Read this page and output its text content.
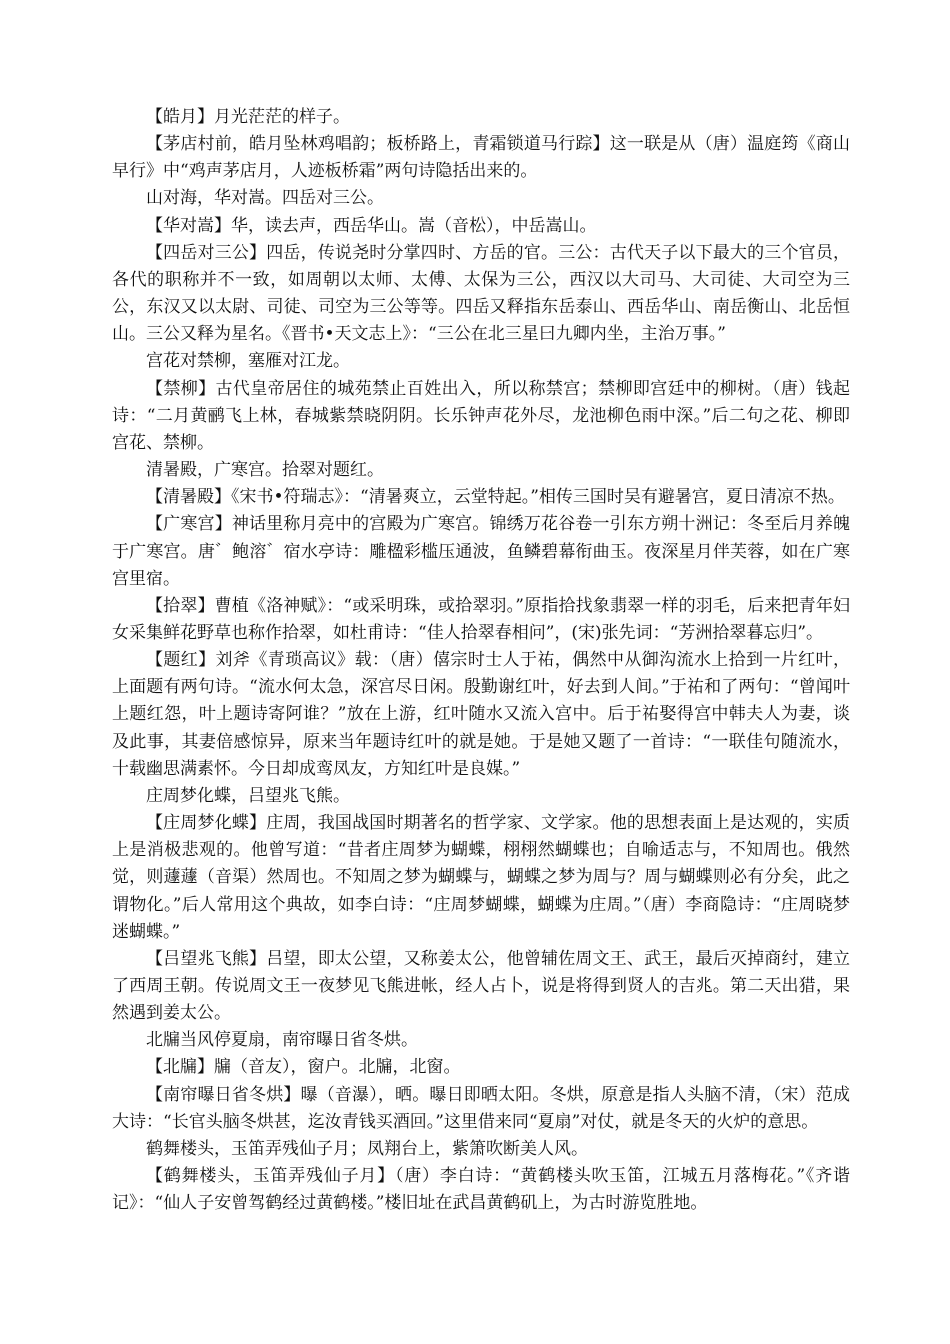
【皓月】月光茫茫的样子。

【茅店村前，皓月坠林鸡唱韵；板桥路上，青霜锁道马行踪】这一联是从（唐）温庭筠《商山早行》中“鸡声茅店月，人迹板桥霜”两句诗隐括出来的。

山对海，华对嵩。四岳对三公。

【华对嵩】华，读去声，西岳华山。嵩（音松），中岳嵩山。

【四岳对三公】四岳，传说尧时分掌四时、方岳的官。三公：古代天子以下最大的三个官员，各代的职称并不一致，如周朝以太师、太傅、太保为三公，西汉以大司马、大司徒、大司空为三公，东汉又以太尉、司徒、司空为三公等等。四岳又释指东岳泰山、西岳华山、南岳衡山、北岳恒山。三公又释为星名。《晋书•天文志上》：“三公在北三星曰九卿内坐，主治万事。”

宫花对禁柳，塞雁对江龙。

【禁柳】古代皇帝居住的城苑禁止百姓出入，所以称禁宫；禁柳即宫廷中的柳树。（唐）钱起诗：“二月黄鹂飞上林，春城紫禁晓阴阴。长乐钟声花外尽，龙池柳色雨中深。”后二句之花、柳即宫花、禁柳。

清暑殿，广寒宫。拾翠对题红。

【清暑殿】《宋书•符瑞志》：“清暑爽立，云堂特起。”相传三国时吴有避暑宫，夏日清凉不热。

【广寒宫】神话里称月亮中的宫殿为广寒宫。锦绣万花谷卷一引东方朔十洲记：冬至后月养魄于广寒宫。唐゛鲍溶゛宿水亭诗：雕楹彩槛压通波，鱼鳞碧幕衔曲玉。夜深星月伴芙蓉，如在广寒宫里宿。

【拾翠】曹植《洛神赋》：“或采明珠，或拾翠羽。”原指拾找象翡翠一样的羽毛，后来把青年妇女采集鲜花野草也称作拾翠，如杜甫诗：“佳人拾翠春相问”，(宋)张先词：“芳洲拾翠暮忘归”。

【题红】刘斧《青琐高议》载：（唐）僖宗时士人于祐，偶然中从御沟流水上拾到一片红叶，上面题有两句诗。“流水何太急，深宫尽日闲。殷勤谢红叶，好去到人间。”于祐和了两句：“曾闻叶上题红怨，叶上题诗寄阿谁？”放在上游，红叶随水又流入宫中。后于祐娶得宫中韩夫人为妻，谈及此事，其妻倍感惊异，原来当年题诗红叶的就是她。于是她又题了一首诗：“一联佳句随流水，十载幽思满素怀。今日却成鸾凤友，方知红叶是良媒。”

庄周梦化蝶，吕望兆飞熊。

【庄周梦化蝶】庄周，我国战国时期著名的哲学家、文学家。他的思想表面上是达观的，实质上是消极悲观的。他曾写道：“昔者庄周梦为蝴蝶，栩栩然蝴蝶也；自喻适志与，不知周也。俄然觉，则蘧蘧（音渠）然周也。不知周之梦为蝴蝶与，蝴蝶之梦为周与？周与蝴蝶则必有分矣，此之谓物化。”后人常用这个典故，如李白诗：“庄周梦蝴蝶，蝴蝶为庄周。”（唐）李商隐诗：“庄周晓梦迷蝴蝶。”

【吕望兆飞熊】吕望，即太公望，又称姜太公，他曾辅佐周文王、武王，最后灭掉商纣，建立了西周王朝。传说周文王一夜梦见飞熊进帐，经人占卜，说是将得到贤人的吉兆。第二天出猎，果然遇到姜太公。

北牖当风停夏扇，南帘曝日省冬烘。

【北牖】牖（音友），窗户。北牖，北窗。

【南帘曝日省冬烘】曝（音瀑），晒。曝日即晒太阳。冬烘，原意是指人头脑不清，（宋）范成大诗：“长官头脑冬烘甚，迄汝青钱买酒回。”这里借来同“夏扇”对仗，就是冬天的火炉的意思。

鹤舞楼头，玉笛弄残仙子月；凤翔台上，紫箫吹断美人风。

【鹤舞楼头，玉笛弄残仙子月】（唐）李白诗：“黄鹤楼头吹玉笛，江城五月落梅花。”《齐谐记》：“仙人子安曾驾鹤经过黄鹤楼。”楼旧址在武昌黄鹤矶上，为古时游览胜地。
